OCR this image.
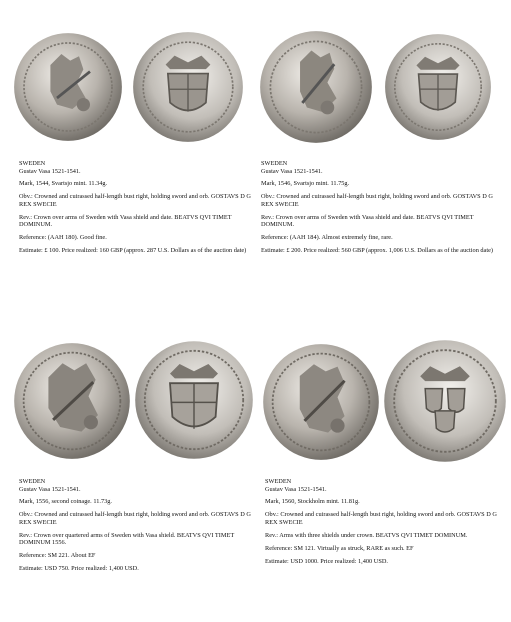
SWEDEN
Gustav Vasa 1521-1541.

Mark, 1544, Svartsjo mint. 11.34g.

Obv.: Crowned and cuirassed half-length bust right, holding sword and orb. GOSTAVS D G REX SWECIE

Rev.: Crown over arms of Sweden with Vasa shield and date. BEATVS QVI TIMET DOMINUM.

Reference: (AAH 180). Good fine.

Estimate: £ 100. Price realized: 160 GBP (approx. 287 U.S. Dollars as of the auction date)

SWEDEN
Gustav Vasa 1521-1541.

Mark, 1546, Svartsjo mint. 11.75g.

Obv.: Crowned and cuirassed half-length bust right, holding sword and orb. GOSTAVS D G REX SWECIE

Rev.: Crown over arms of Sweden with Vasa shield and date. BEATVS QVI TIMET DOMINUM.

Reference: (AAH 184). Almost extremely fine, rare.

Estimate: £ 200. Price realized: 560 GBP (approx. 1,006 U.S. Dollars as of the auction date)

SWEDEN
Gustav Vasa 1521-1541.

Mark, 1556, second coinage. 11.73g.

Obv.: Crowned and cuirassed half-length bust right, holding sword and orb. GOSTAVS D G REX SWECIE

Rev.: Crown over quartered arms of Sweden with Vasa shield. BEATVS QVI TIMET DOMINUM 1556.

Reference: SM 221. About EF

Estimate: USD 750. Price realized: 1,400 USD.

SWEDEN
Gustav Vasa 1521-1541.

Mark, 1560, Stockholm mint. 11.81g.

Obv.: Crowned and cuirassed half-length bust right, holding sword and orb. GOSTAVS D G REX SWECIE

Rev.: Arms with three shields under crown. BEATVS QVI TIMET DOMINUM.

Reference: SM 121. Virtually as struck, RARE as such. EF

Estimate: USD 1000. Price realized: 1,400 USD.
